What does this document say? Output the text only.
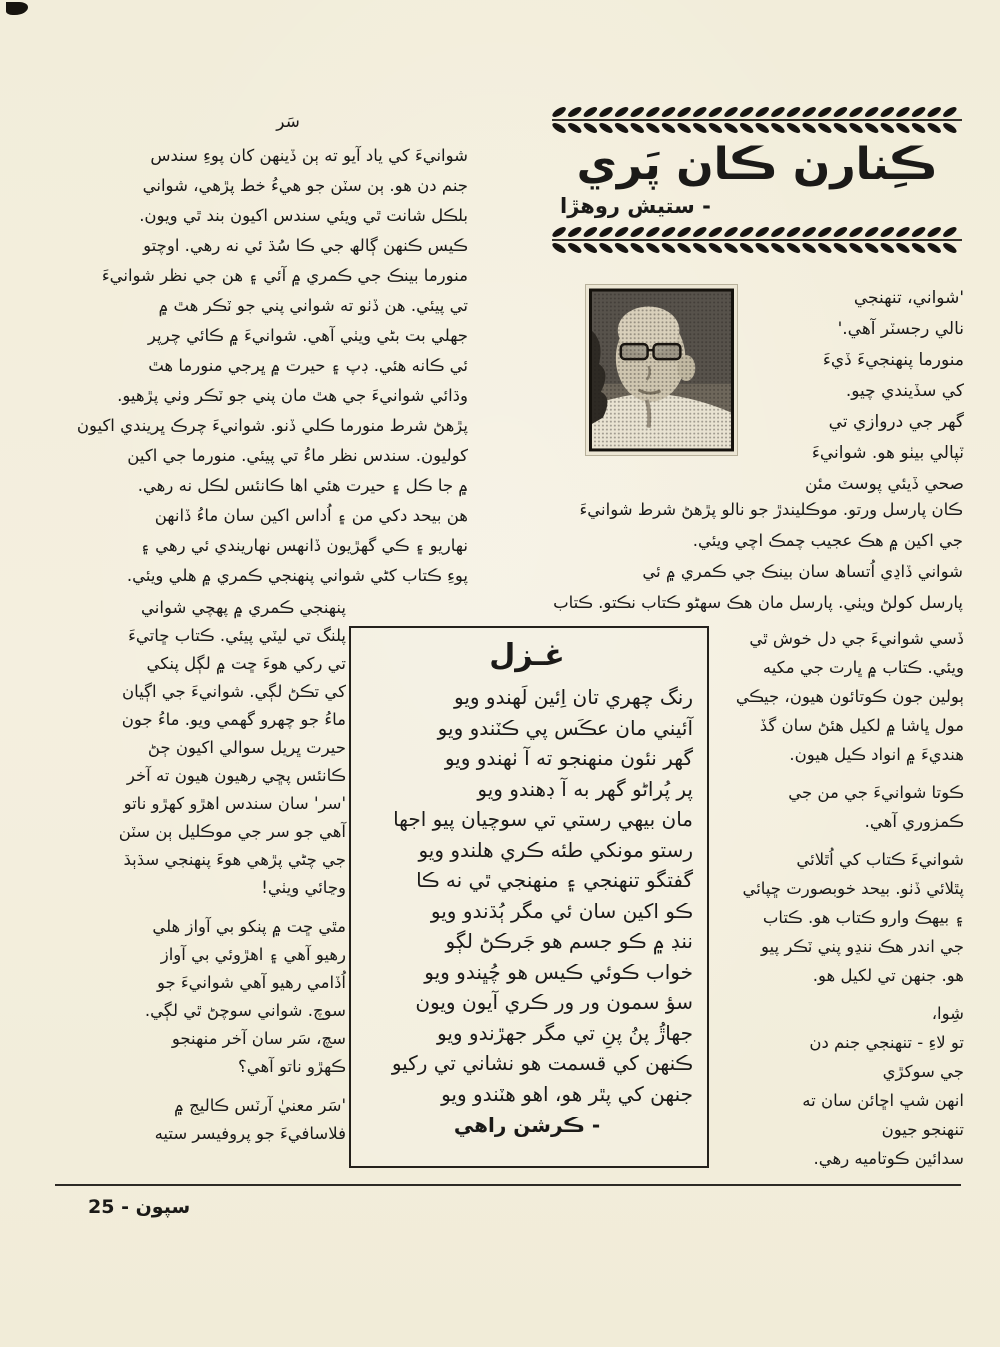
سَر
شوانيءَ کي ياد آيو ته ٻن ڏينهن کان پوءِ سندس
جنم دن هو. ٻن سٽن جو هيءُ خط پڙهي، شواني
بلڪل شانت ٿي ويئي سندس اکيون بند ٿي ويون.
ڪيس ڪنهن ڳالھ جي ڪا سُڌ ئي نه رهي. اوچتو
منورما بينڪ جي ڪمري ۾ آئي ۽ هن جي نظر شوانيءَ
تي پيئي. هن ڏٺو ته شواني پني جو ٽڪر هٿ ۾
جهلي بت بڻي ويٺي آهي. شوانيءَ ۾ ڪائي چرپر
ئي ڪانه هئي. ڊپ ۽ حيرت ۾ ڀرجي منورما هٿ
وڌائي شوانيءَ جي هٿ مان پني جو ٽڪر وٺي پڙهيو.
پڙهڻ شرط منورما ڪلي ڏنو. شوانيءَ چرڪ ڀريندي اکيون
کوليون. سندس نظر ماءُ تي پيئي. منورما جي اکين
۾ جا ڪل ۽ حيرت هئي اها ڪانئس لڪل نه رهي.
هن بيحد دکي من ۽ اُداس اکين سان ماءُ ڏانهن
نهاريو ۽ ڪي گهڙيون ڏانهس نهاريندي ئي رهي ۽
پوءِ ڪتاب کڻي شواني پنهنجي ڪمري ۾ هلي ويئي.
پنهنجي ڪمري ۾ پهچي شواني
پلنگ تي ليٽي پيئي. ڪتاب ڇاتيءَ
تي رکي هوءَ ڇت ۾ لڳل پنکي
کي تڪڻ لڳي. شوانيءَ جي اڳيان
ماءُ جو چهرو گهمي ويو. ماءُ جون
حيرت ڀريل سوالي اکيون ڄڻ
ڪانئس پڇي رهيون هيون ته آخر
'سر' سان سندس اهڙو کهڙو ناتو
آهي جو سر جي موڪليل ٻن سٽن
جي چڻي پڙهي هوءَ پنهنجي سڌٻڌ
وڃائي ويٺي!
مٿي ڇت ۾ پنکو بي آواز هلي
رهيو آهي ۽ اهڙوئي بي آواز
اُڏامي رهيو آهي شوانيءَ جو
سوچ. شواني سوچڻ ٿي لڳي.
سچ، سَر سان آخر منهنجو
ڪهڙو ناتو آهي؟
'سَر معنيٰ آرٽس ڪاليج ۾
فلاسافيءَ جو پروفيسر ستيه
ڪِنارن ڪان پَري
- ستيش روهڙا
'شواني، تنهنجي
نالي رجسٽر آهي.'
منورما پنهنجيءَ ڏيءَ
کي سڏيندي چيو.
گهر جي دروازي تي
ٽپالي بيٺو هو. شوانيءَ
صحي ڏيئي پوسٽ مئن
ڪان پارسل ورتو. موڪليندڙ جو نالو پڙهڻ شرط شوانيءَ
جي اکين ۾ هڪ عجيب چمڪ اچي ويئي.
شواني ڏاڍي اُتساھ سان بينڪ جي ڪمري ۾ ئي
پارسل کولڻ ويٺي. پارسل مان هڪ سهڻو ڪتاب نڪتو. ڪتاب
ڏسي شوانيءَ جي دل خوش ٿي
ويئي. ڪتاب ۾ ڀارت جي مکيه
ٻولين جون ڪوتائون هيون، جيڪي
مول ڀاشا ۾ لکيل هئڻ سان گڏ
هنديءَ ۾ انواد ڪيل هيون.
ڪوتا شوانيءَ جي من جي
ڪمزوري آهي.
شوانيءَ ڪتاب کي اُٿلائي
پٿلائي ڏٺو. بيحد خوبصورت ڇپائي
۽ بيهڪ وارو ڪتاب هو. ڪتاب
جي اندر هڪ ننڍو پني ٽڪر پيو
هو. جنهن تي لکيل هو.
شِوا،
تو لاءِ - تنهنجي جنم دن
جي سوکڙي
انهن شڀ اڇائن سان ته
تنهنجو جيون
سدائين ڪوتاميه رهي.
غـزل
رنگ چهري تان اِئين لَهندو ويو
آئيني مان عڪَس پي ڪٽندو ويو
گهر نئون منهنجو ته آ ٺهندو ويو
پر پُراڻو گهر به آ ڊهندو ويو
مان بيهي رستي تي سوچيان پيو اجها
رستو مونکي طئه ڪري هلندو ويو
گفتگو تنهنجي ۽ منهنجي ٿي نه ڪا
ڪو اکين سان ئي مگر ٻُڌندو ويو
ننڊ ۾ ڪو جسم هو جَرڪڻ لڳو
خواب ڪوئي ڪيس هو چُڀندو ويو
سؤ سمون ور ور ڪري آيون ويون
جهاڙُ پنُ پنِ تي مگر جهڙندو ويو
ڪنهن کي قسمت هو نشاني تي رکيو
جنهن کي پٿر هو، اهو هٽندو ويو
- ڪرشن راهي
سپون - 25
